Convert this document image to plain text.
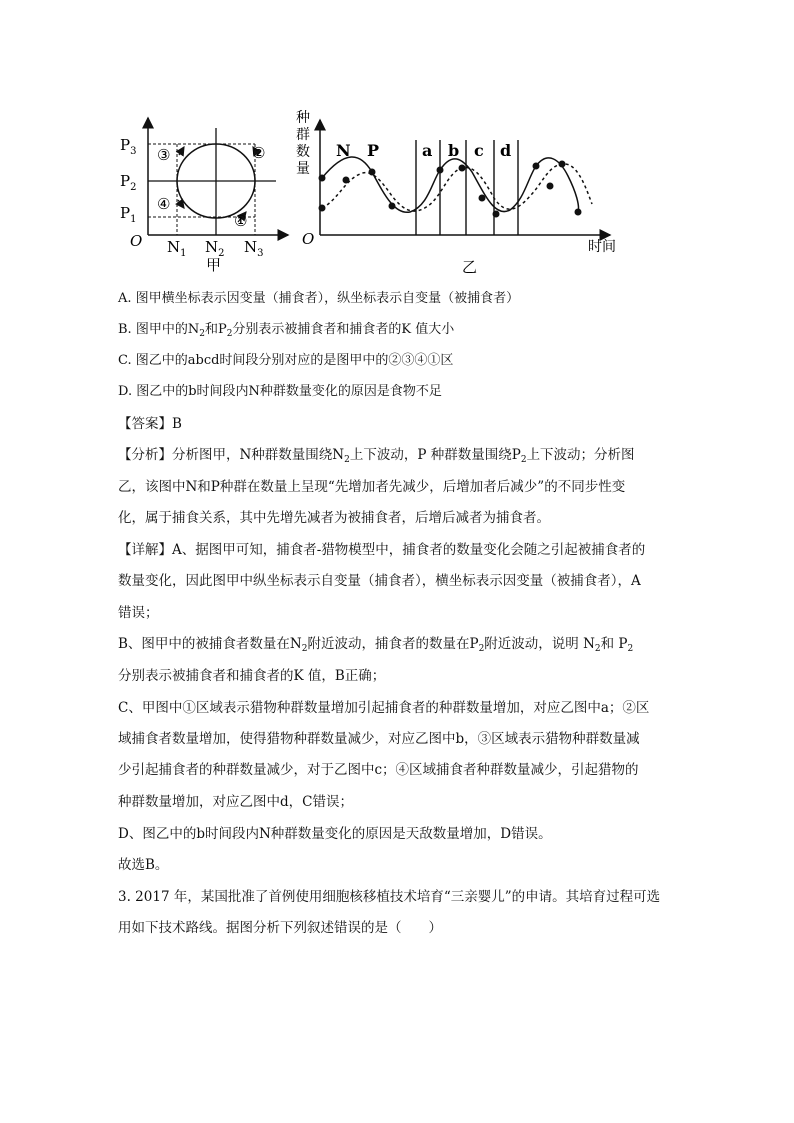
$P_3$
$P_2$
$P_1$
$N_1$ $N_2$ $N_3$
O
③	②
④
①
甲
种
群
数
量
O	时间
乙
N P	a b c d
A. 图甲横坐标表示因变量（捕食者），纵坐标表示自变量（被捕食者）
B. 图甲中的$N_2$和$P_2$分别表示被捕食者和捕食者的K 值大小
C. 图乙中的abcd时间段分别对应的是图甲中的②③④①区
D. 图乙中的b时间段内N种群数量变化的原因是食物不足
【答案】B
【分析】分析图甲，N种群数量围绕$N_2$上下波动，P 种群数量围绕$P_2$上下波动；分析图
乙，该图中N和P种群在数量上呈现“先增加者先减少，后增加者后减少”的不同步性变
化，属于捕食关系，其中先增先减者为被捕食者，后增后减者为捕食者。
【详解】A、据图甲可知，捕食者-猎物模型中，捕食者的数量变化会随之引起被捕食者的
数量变化，因此图甲中纵坐标表示自变量（捕食者），横坐标表示因变量（被捕食者），A
错误；
B、图甲中的被捕食者数量在$N_2$附近波动，捕食者的数量在$P_2$附近波动，说明 $N_2$和 $P_2$
分别表示被捕食者和捕食者的K 值，B正确；
C、甲图中①区域表示猎物种群数量增加引起捕食者的种群数量增加，对应乙图中a；②区
域捕食者数量增加，使得猎物种群数量减少，对应乙图中b，③区域表示猎物种群数量减
少引起捕食者的种群数量减少，对于乙图中c；④区域捕食者种群数量减少，引起猎物的
种群数量增加，对应乙图中d，C错误；
D、图乙中的b时间段内N种群数量变化的原因是天敌数量增加，D错误。
故选B。
3. 2017 年，某国批准了首例使用细胞核移植技术培育“三亲婴儿”的申请。其培育过程可选
用如下技术路线。据图分析下列叙述错误的是（　　）
